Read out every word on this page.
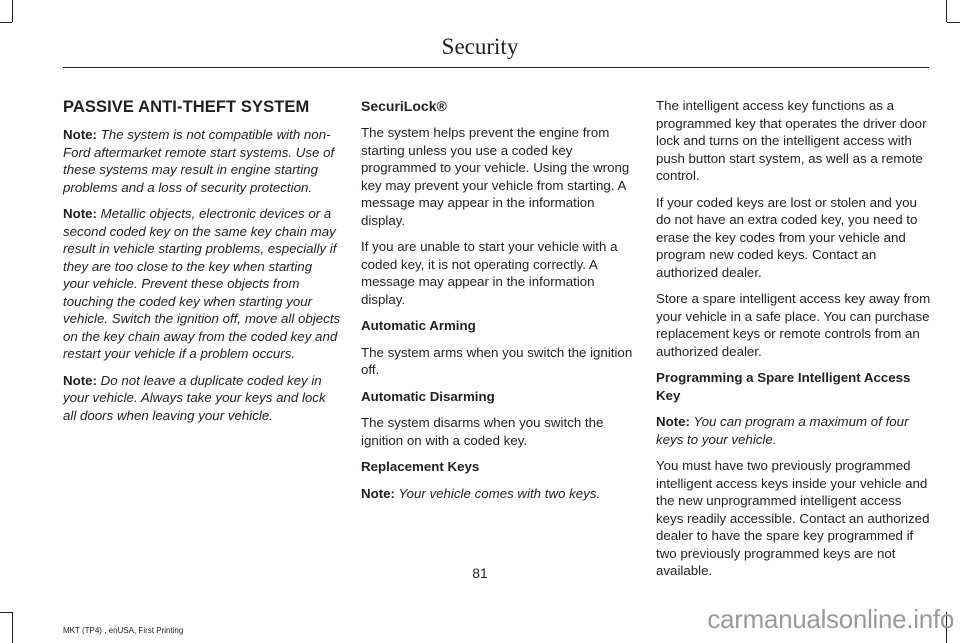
Security

PASSIVE ANTI-THEFT SYSTEM

Note: The system is not compatible with non-Ford aftermarket remote start systems. Use of these systems may result in engine starting problems and a loss of security protection.

Note: Metallic objects, electronic devices or a second coded key on the same key chain may result in vehicle starting problems, especially if they are too close to the key when starting your vehicle. Prevent these objects from touching the coded key when starting your vehicle. Switch the ignition off, move all objects on the key chain away from the coded key and restart your vehicle if a problem occurs.

Note: Do not leave a duplicate coded key in your vehicle. Always take your keys and lock all doors when leaving your vehicle.

SecuriLock®

The system helps prevent the engine from starting unless you use a coded key programmed to your vehicle. Using the wrong key may prevent your vehicle from starting. A message may appear in the information display.

If you are unable to start your vehicle with a coded key, it is not operating correctly. A message may appear in the information display.

Automatic Arming

The system arms when you switch the ignition off.

Automatic Disarming

The system disarms when you switch the ignition on with a coded key.

Replacement Keys

Note: Your vehicle comes with two keys.

The intelligent access key functions as a programmed key that operates the driver door lock and turns on the intelligent access with push button start system, as well as a remote control.

If your coded keys are lost or stolen and you do not have an extra coded key, you need to erase the key codes from your vehicle and program new coded keys. Contact an authorized dealer.

Store a spare intelligent access key away from your vehicle in a safe place. You can purchase replacement keys or remote controls from an authorized dealer.

Programming a Spare Intelligent Access Key

Note: You can program a maximum of four keys to your vehicle.

You must have two previously programmed intelligent access keys inside your vehicle and the new unprogrammed intelligent access keys readily accessible. Contact an authorized dealer to have the spare key programmed if two previously programmed keys are not available.

81
MKT (TP4) , enUSA, First Printing	carmanualsonline.info
